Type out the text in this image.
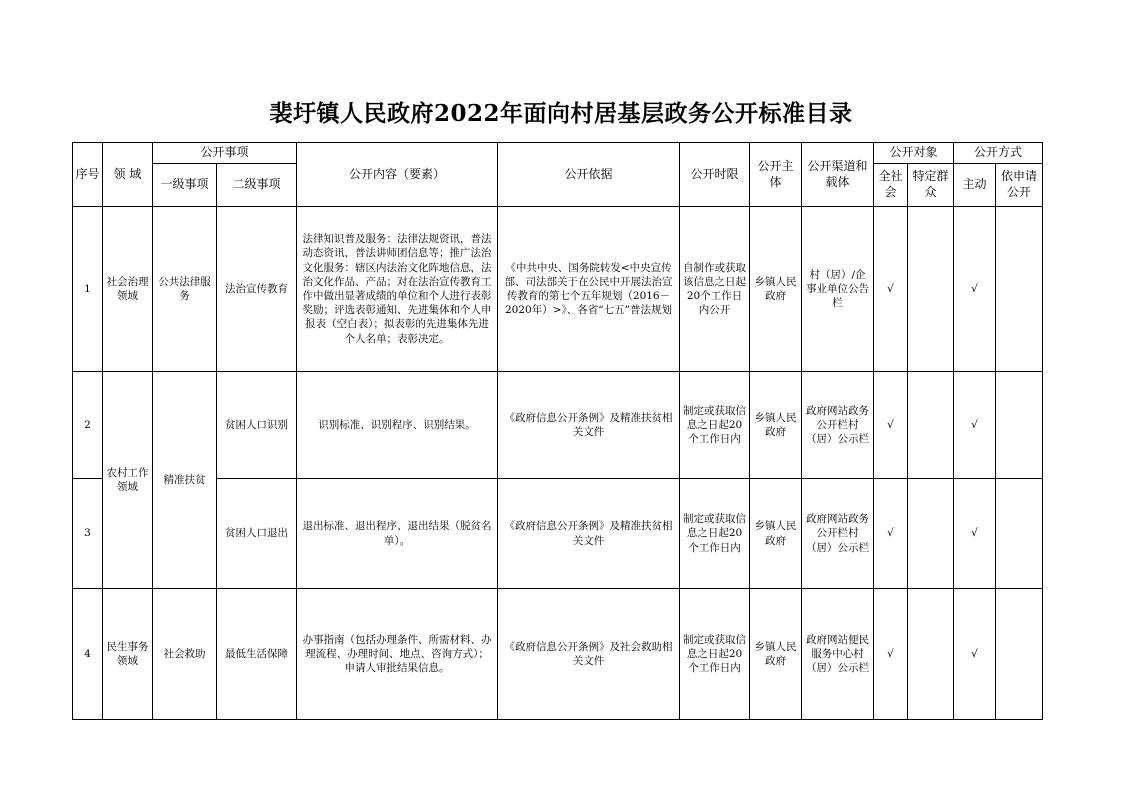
裴圩镇人民政府2022年面向村居基层政务公开标准目录
序号	领 域	公开事项		公开内容（要素）	公开依据	公开时限	公开主体	公开渠道和载体	公开对象		公开方式	
		一级事项	二级事项						全社会	特定群众	主动	依申请公开
1	社会治理领域	公共法律服务	法治宣传教育	法律知识普及服务：法律法规资讯，普法动态资讯，普法讲师团信息等；推广法治文化服务：辖区内法治文化阵地信息，法治文化作品、产品；对在法治宣传教育工作中做出显著成绩的单位和个人进行表彰奖励；评选表彰通知、先进集体和个人申报表（空白表）；拟表彰的先进集体先进个人名单；表彰决定。	《中共中央、国务院转发<中央宣传部、司法部关于在公民中开展法治宣传教育的第七个五年规划（2016－2020年）>》、各省“七五”普法规划	自制作或获取该信息之日起20个工作日内公开	乡镇人民政府	村（居）/企事业单位公告栏	√		√	
2	农村工作领域	精准扶贫	贫困人口识别	识别标准、识别程序、识别结果。	《政府信息公开条例》及精准扶贫相关文件	制定或获取信息之日起20个工作日内	乡镇人民政府	政府网站政务公开栏村（居）公示栏	√		√	
3			贫困人口退出	退出标准、退出程序、退出结果（脱贫名单）。	《政府信息公开条例》及精准扶贫相关文件	制定或获取信息之日起20个工作日内	乡镇人民政府	政府网站政务公开栏村（居）公示栏	√		√	
4	民生事务领域	社会救助	最低生活保障	办事指南（包括办理条件、所需材料、办理流程、办理时间、地点、咨询方式）；申请人审批结果信息。	《政府信息公开条例》及社会救助相关文件	制定或获取信息之日起20个工作日内	乡镇人民政府	政府网站便民服务中心村（居）公示栏	√		√	
